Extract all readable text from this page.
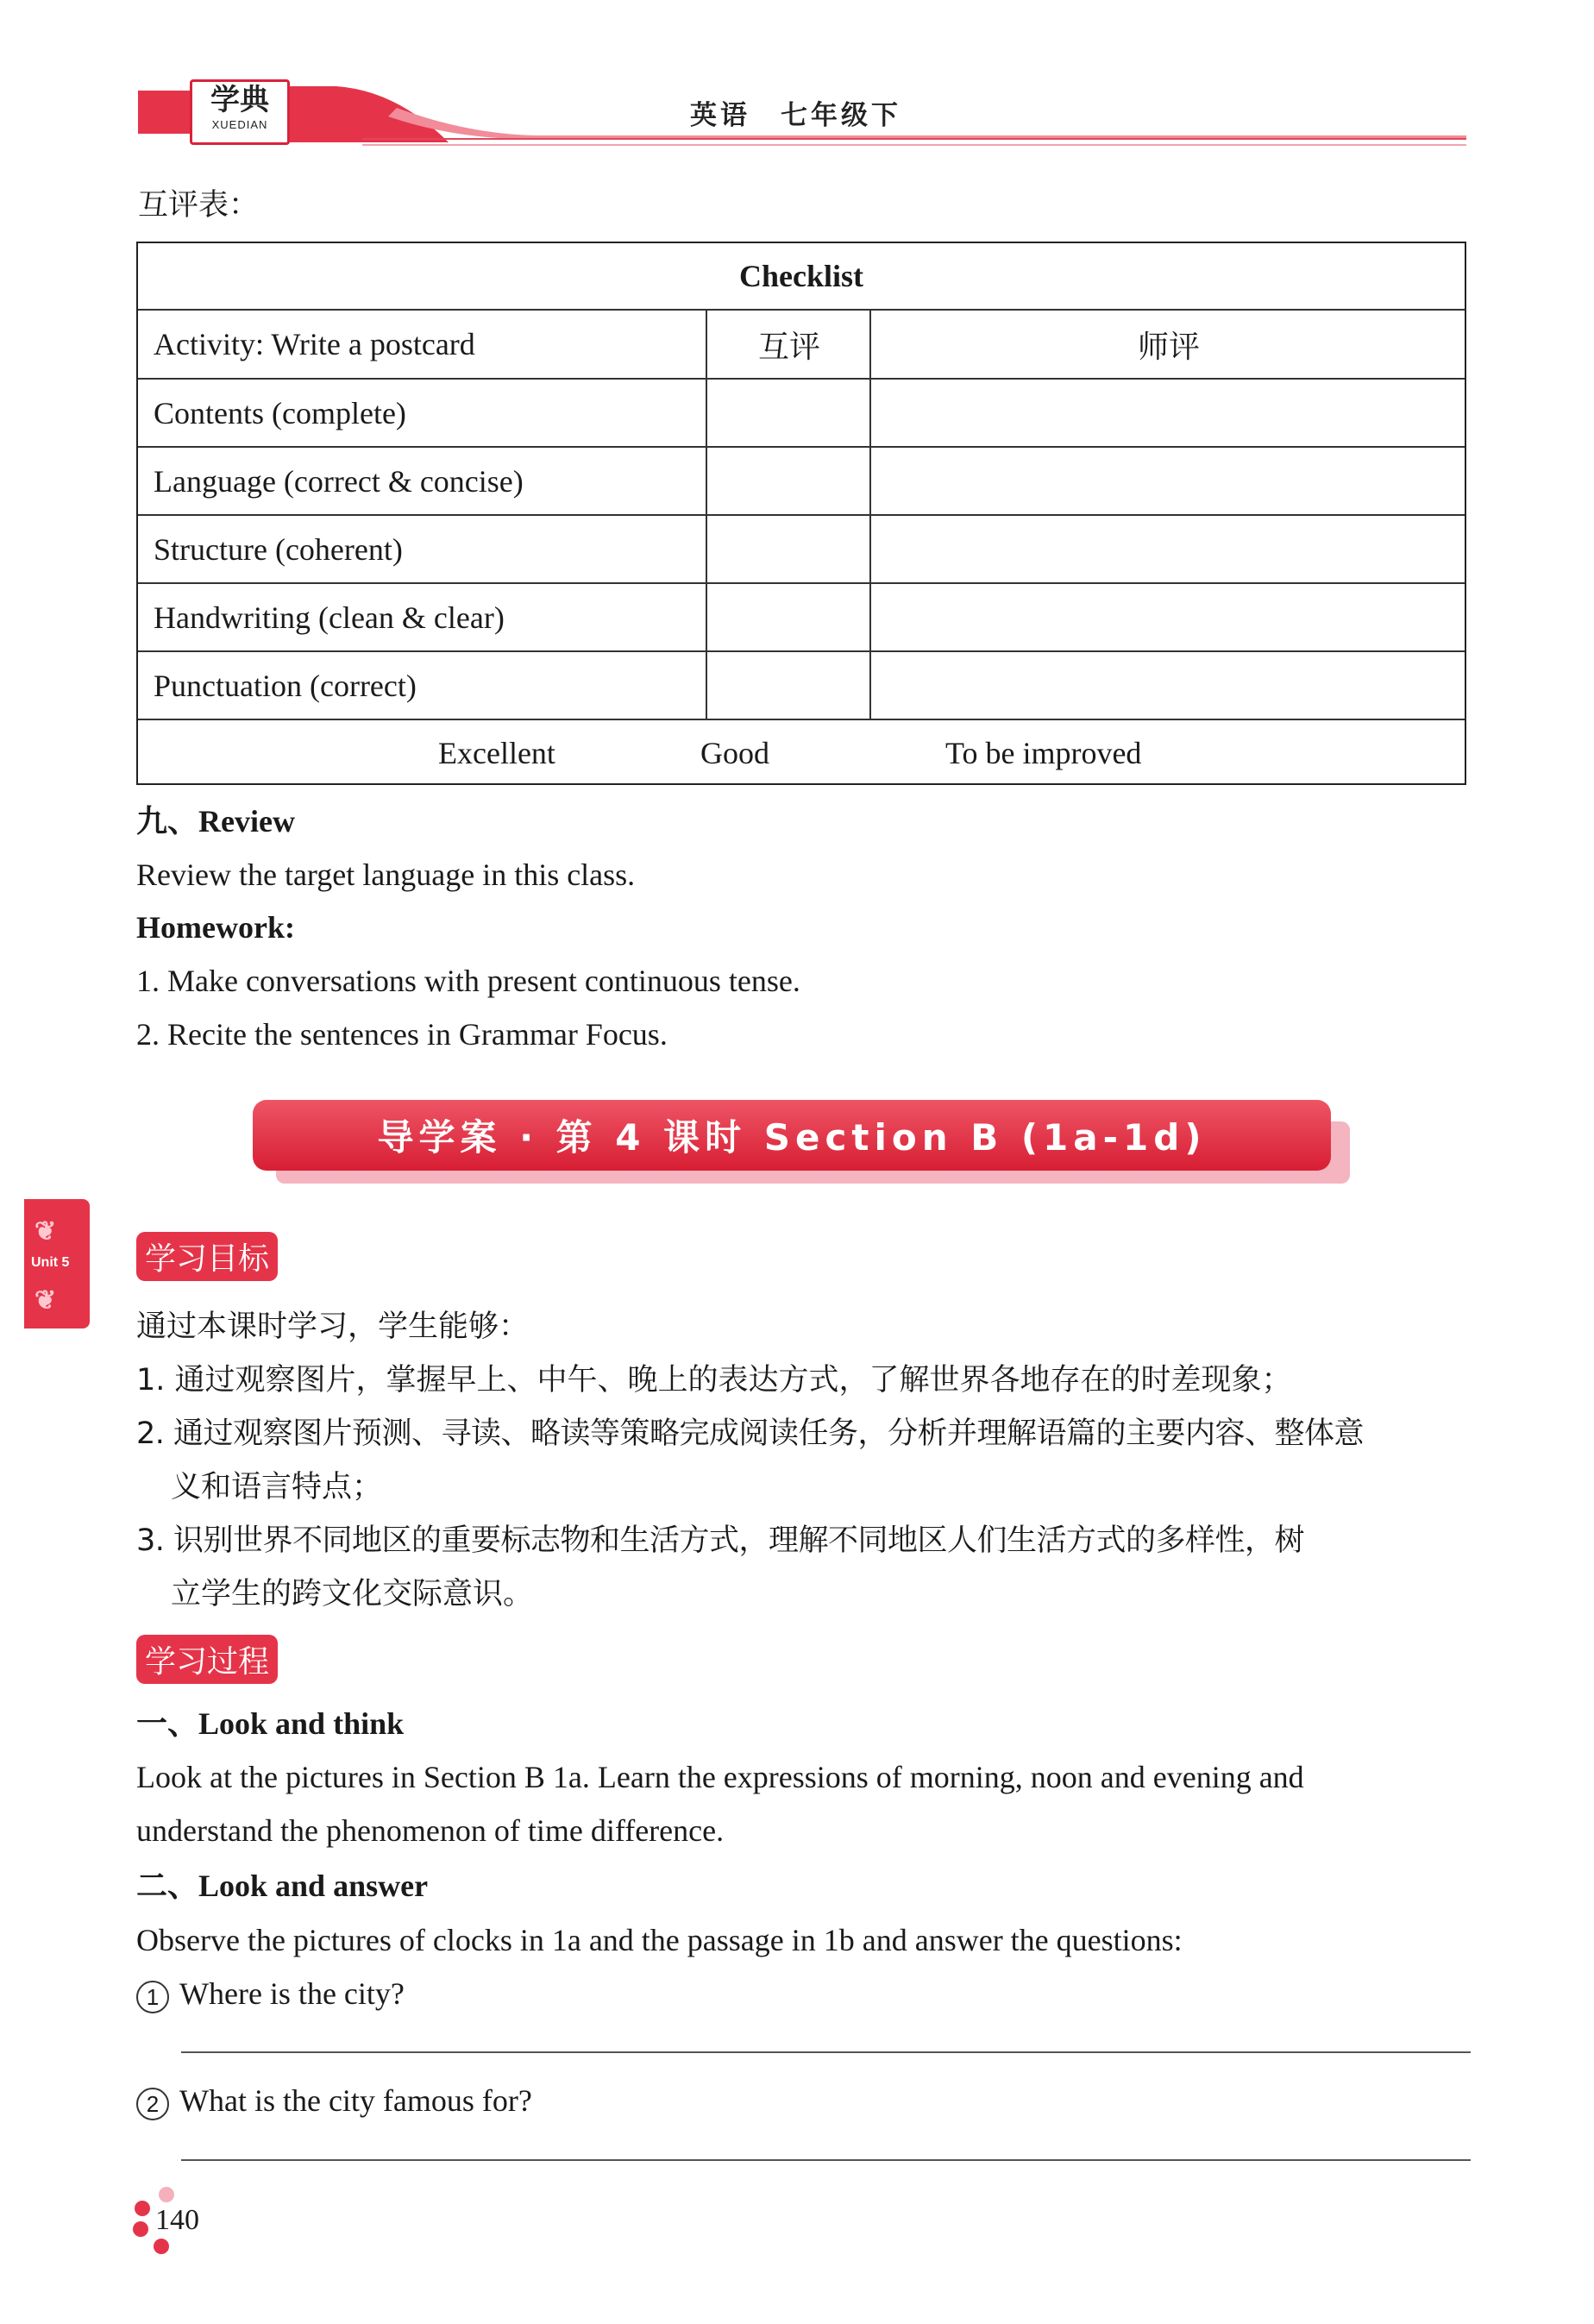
学典
XUEDIAN	英语　七年级下
互评表：
Checklist
Activity: Write a postcard	互评	师评
Contents (complete)
Language (correct & concise)
Structure (coherent)
Handwriting (clean & clear)
Punctuation (correct)
Excellent	Good	To be improved
九、Review
Review the target language in this class.
Homework:
1. Make conversations with present continuous tense.
2. Recite the sentences in Grammar Focus.
导学案 · 第 4 课时 Section B (1a-1d)
❦
Unit 5
❦
学习目标
通过本课时学习，学生能够：
1. 通过观察图片，掌握早上、中午、晚上的表达方式，了解世界各地存在的时差现象；
2. 通过观察图片预测、寻读、略读等策略完成阅读任务，分析并理解语篇的主要内容、整体意
义和语言特点；
3. 识别世界不同地区的重要标志物和生活方式，理解不同地区人们生活方式的多样性，树
立学生的跨文化交际意识。
学习过程
一、Look and think
Look at the pictures in Section B 1a. Learn the expressions of morning, noon and evening and
understand the phenomenon of time difference.
二、Look and answer
Observe the pictures of clocks in 1a and the passage in 1b and answer the questions:
1 Where is the city?
2 What is the city famous for?
140
